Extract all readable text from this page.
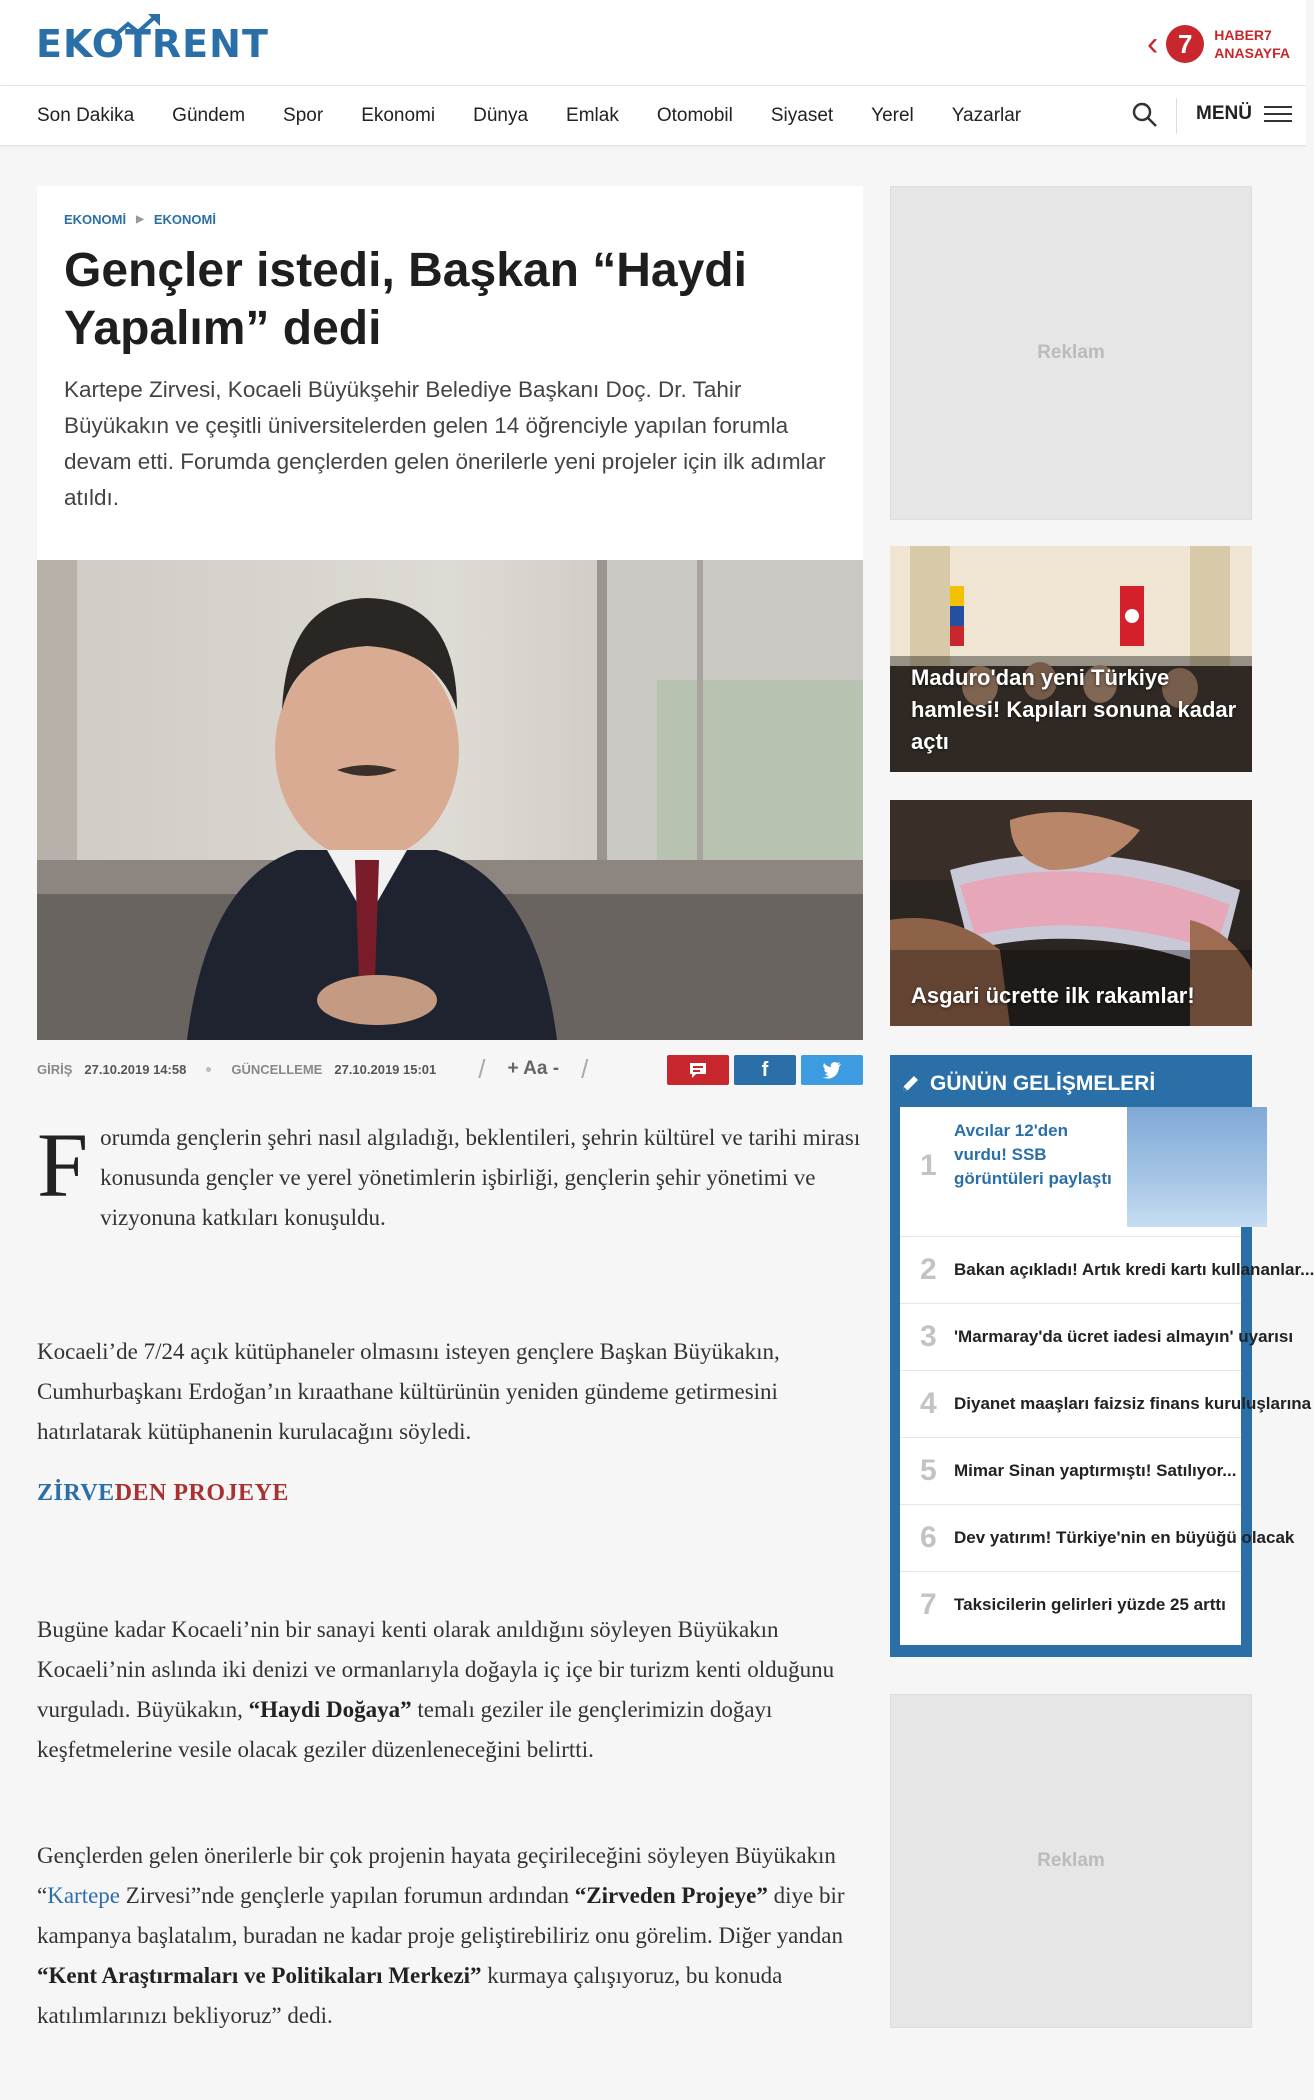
EKOTRENT	‹ 7	HABER7
ANASAYFA
Son Dakika Gündem Spor Ekonomi Dünya Emlak Otomobil Siyaset Yerel Yazarlar	MENÜ
EKONOMİ ▶ EKONOMİ
Gençler istedi, Başkan “Haydi Yapalım” dedi
Kartepe Zirvesi, Kocaeli Büyükşehir Belediye Başkanı Doç. Dr. Tahir Büyükakın ve çeşitli üniversitelerden gelen 14 öğrenciyle yapılan forumla devam etti. Forumda gençlerden gelen önerilerle yeni projeler için ilk adımlar atıldı.
GİRİŞ 27.10.2019 14:58	GÜNCELLEME 27.10.2019 15:01 / + Aa - /	f
Forumda gençlerin şehri nasıl algıladığı, beklentileri, şehrin kültürel ve tarihi mirası konusunda gençler ve yerel yönetimlerin işbirliği, gençlerin şehir yönetimi ve vizyonuna katkıları konuşuldu.
Kocaeli’de 7/24 açık kütüphaneler olmasını isteyen gençlere Başkan Büyükakın, Cumhurbaşkanı Erdoğan’ın kıraathane kültürünün yeniden gündeme getirmesini hatırlatarak kütüphanenin kurulacağını söyledi.
ZİRVEDEN PROJEYE
Bugüne kadar Kocaeli’nin bir sanayi kenti olarak anıldığını söyleyen Büyükakın Kocaeli’nin aslında iki denizi ve ormanlarıyla doğayla iç içe bir turizm kenti olduğunu vurguladı. Büyükakın, “Haydi Doğaya” temalı geziler ile gençlerimizin doğayı keşfetmelerine vesile olacak geziler düzenleneceğini belirtti.
Gençlerden gelen önerilerle bir çok projenin hayata geçirileceğini söyleyen Büyükakın “Kartepe Zirvesi”nde gençlerle yapılan forumun ardından “Zirveden Projeye” diye bir kampanya başlatalım, buradan ne kadar proje geliştirebiliriz onu görelim. Diğer yandan “Kent Araştırmaları ve Politikaları Merkezi” kurmaya çalışıyoruz, bu konuda katılımlarınızı bekliyoruz” dedi.
Reklam
Maduro'dan yeni Türkiye hamlesi! Kapıları sonuna kadar açtı
Asgari ücrette ilk rakamlar!
GÜNÜN GELİŞMELERİ
1
Avcılar 12'den vurdu! SSB görüntüleri paylaştı
2 Bakan açıkladı! Artık kredi kartı kullananlar...
3 'Marmaray'da ücret iadesi almayın' uyarısı
4 Diyanet maaşları faizsiz finans kuruluşlarına
5 Mimar Sinan yaptırmıştı! Satılıyor...
6 Dev yatırım! Türkiye'nin en büyüğü olacak
7 Taksicilerin gelirleri yüzde 25 arttı
Reklam
